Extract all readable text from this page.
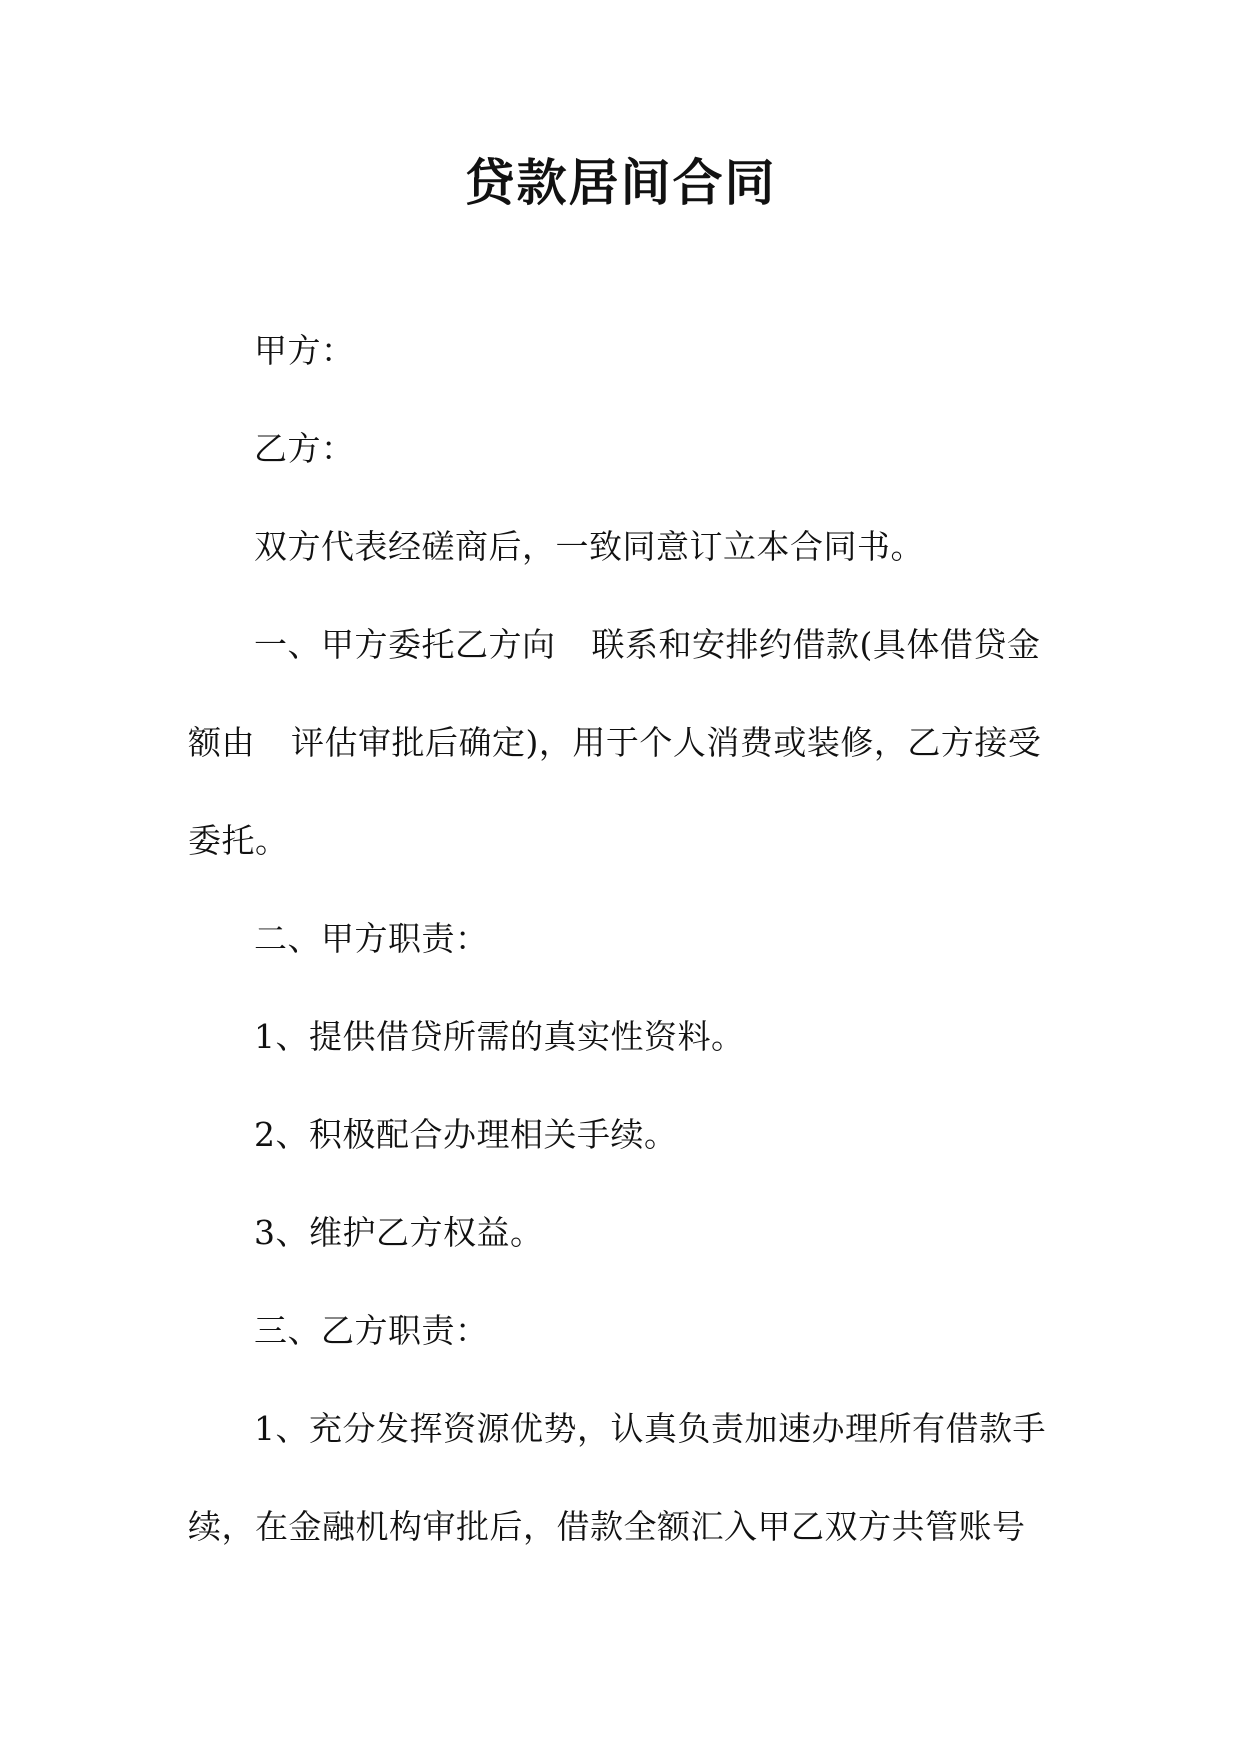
贷款居间合同

甲方：

乙方：

双方代表经磋商后，一致同意订立本合同书。

一、甲方委托乙方向 联系和安排约借款(具体借贷金

额由 评估审批后确定)，用于个人消费或装修，乙方接受
委托。

二、甲方职责：

1、提供借贷所需的真实性资料。

2、积极配合办理相关手续。

3、维护乙方权益。

三、乙方职责：

1、充分发挥资源优势，认真负责加速办理所有借款手

续，在金融机构审批后，借款全额汇入甲乙双方共管账号
